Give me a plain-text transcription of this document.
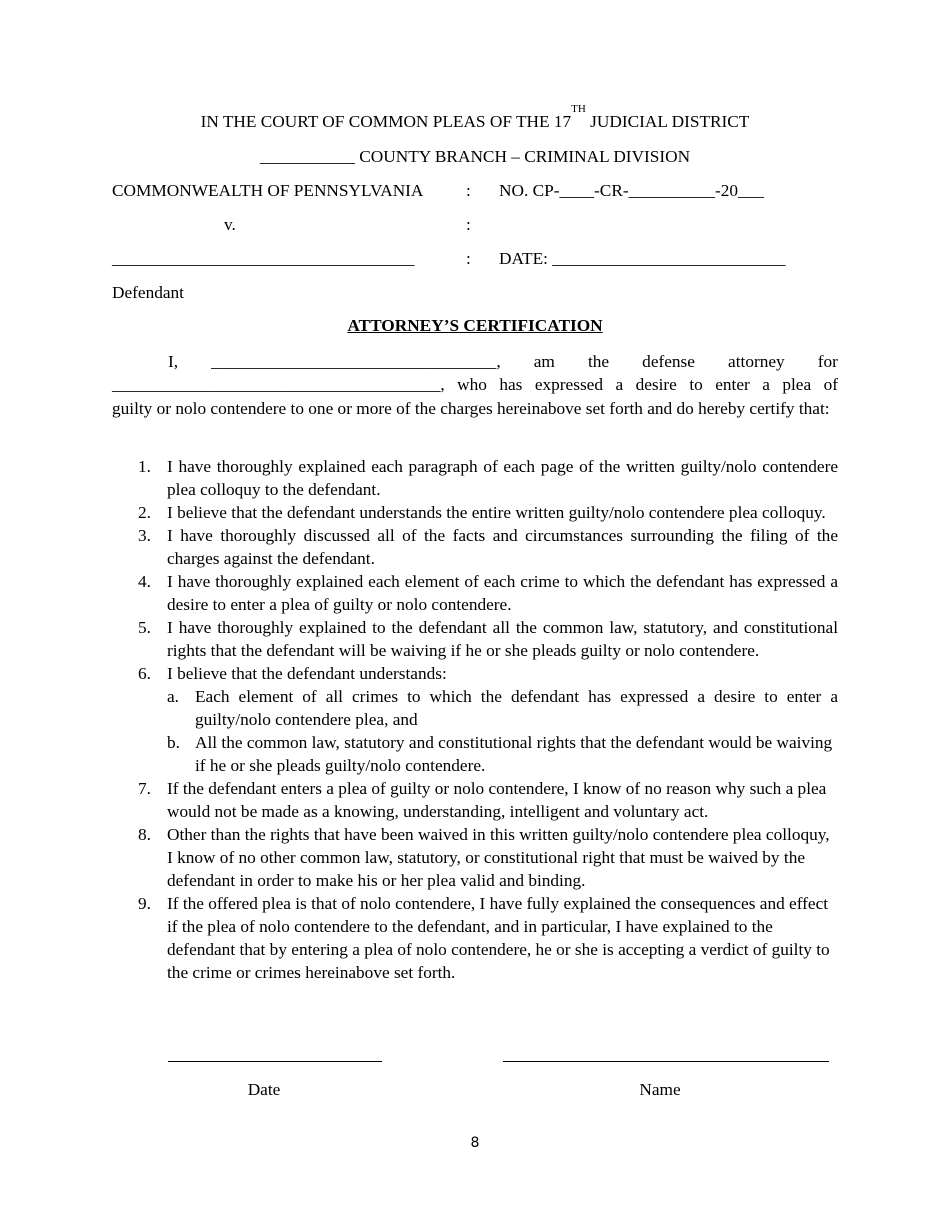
IN THE COURT OF COMMON PLEAS OF THE 17TH JUDICIAL DISTRICT
___________ COUNTY BRANCH – CRIMINAL DIVISION
COMMONWEALTH OF PENNSYLVANIA : NO. CP-____-CR-__________-20___
v.	:
___________________________________	: DATE: ___________________________
Defendant
ATTORNEY’S CERTIFICATION
I, _________________________________, am the defense attorney for
______________________________________, who has expressed a desire to enter a plea of
guilty or nolo contendere to one or more of the charges hereinabove set forth and do hereby certify that:
1. I have thoroughly explained each paragraph of each page of the written guilty/nolo contendere plea colloquy to the defendant.
2. I believe that the defendant understands the entire written guilty/nolo contendere plea colloquy.
3. I have thoroughly discussed all of the facts and circumstances surrounding the filing of the charges against the defendant.
4. I have thoroughly explained each element of each crime to which the defendant has expressed a desire to enter a plea of guilty or nolo contendere.
5. I have thoroughly explained to the defendant all the common law, statutory, and constitutional rights that the defendant will be waiving if he or she pleads guilty or nolo contendere.
6. I believe that the defendant understands:
a. Each element of all crimes to which the defendant has expressed a desire to enter a guilty/nolo contendere plea, and
b. All the common law, statutory and constitutional rights that the defendant would be waiving if he or she pleads guilty/nolo contendere.
7. If the defendant enters a plea of guilty or nolo contendere, I know of no reason why such a plea would not be made as a knowing, understanding, intelligent and voluntary act.
8. Other than the rights that have been waived in this written guilty/nolo contendere plea colloquy, I know of no other common law, statutory, or constitutional right that must be waived by the defendant in order to make his or her plea valid and binding.
9. If the offered plea is that of nolo contendere, I have fully explained the consequences and effect if the plea of nolo contendere to the defendant, and in particular, I have explained to the defendant that by entering a plea of nolo contendere, he or she is accepting a verdict of guilty to the crime or crimes hereinabove set forth.
Date	Name
8
